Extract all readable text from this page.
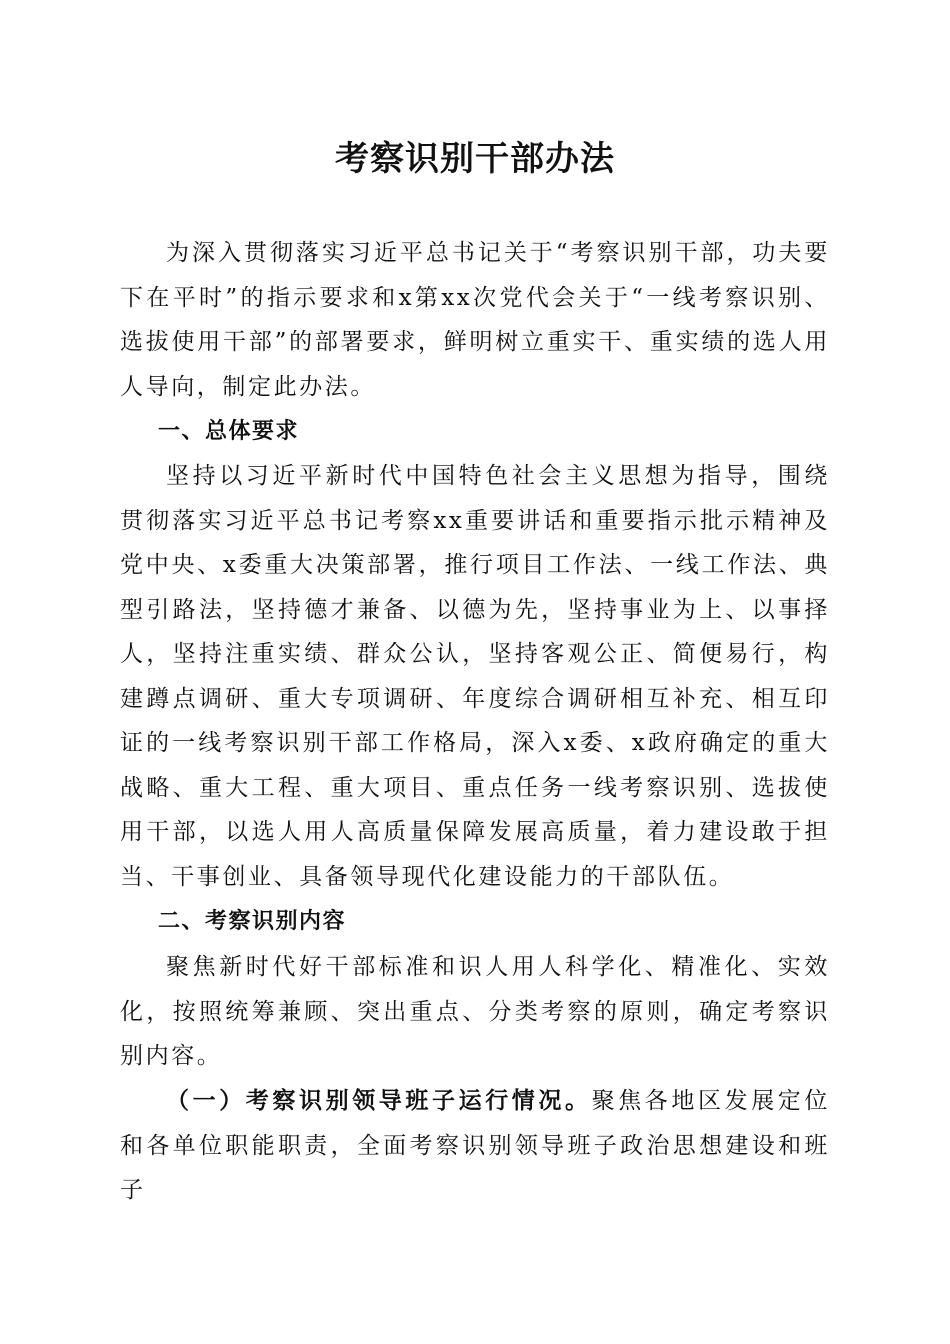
考察识别干部办法

为深入贯彻落实习近平总书记关于“考察识别干部，功夫要下在平时”的指示要求和x第xx次党代会关于“一线考察识别、选拔使用干部”的部署要求，鲜明树立重实干、重实绩的选人用人导向，制定此办法。

一、总体要求

坚持以习近平新时代中国特色社会主义思想为指导，围绕贯彻落实习近平总书记考察xx重要讲话和重要指示批示精神及党中央、x委重大决策部署，推行项目工作法、一线工作法、典型引路法，坚持德才兼备、以德为先，坚持事业为上、以事择人，坚持注重实绩、群众公认，坚持客观公正、简便易行，构建蹲点调研、重大专项调研、年度综合调研相互补充、相互印证的一线考察识别干部工作格局，深入x委、x政府确定的重大战略、重大工程、重大项目、重点任务一线考察识别、选拔使用干部，以选人用人高质量保障发展高质量，着力建设敢于担当、干事创业、具备领导现代化建设能力的干部队伍。

二、考察识别内容

聚焦新时代好干部标准和识人用人科学化、精准化、实效化，按照统筹兼顾、突出重点、分类考察的原则，确定考察识别内容。

（一）考察识别领导班子运行情况。聚焦各地区发展定位和各单位职能职责，全面考察识别领导班子政治思想建设和班子
